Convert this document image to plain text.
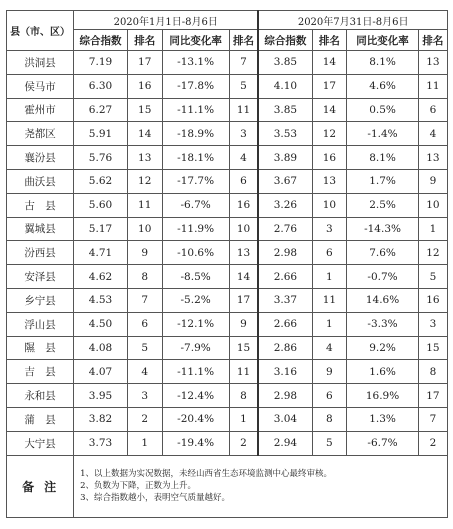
县（市、区）	2020年1月1日-8月6日				2020年7月31日-8月6日			
	综合指数	排名	同比变化率	排名	综合指数	排名	同比变化率	排名
洪洞县	7.19	17	-13.1%	7	3.85	14	8.1%	13
侯马市	6.30	16	-17.8%	5	4.10	17	4.6%	11
霍州市	6.27	15	-11.1%	11	3.85	14	0.5%	6
尧都区	5.91	14	-18.9%	3	3.53	12	-1.4%	4
襄汾县	5.76	13	-18.1%	4	3.89	16	8.1%	13
曲沃县	5.62	12	-17.7%	6	3.67	13	1.7%	9
古　县	5.60	11	-6.7%	16	3.26	10	2.5%	10
翼城县	5.17	10	-11.9%	10	2.76	3	-14.3%	1
汾西县	4.71	9	-10.6%	13	2.98	6	7.6%	12
安泽县	4.62	8	-8.5%	14	2.66	1	-0.7%	5
乡宁县	4.53	7	-5.2%	17	3.37	11	14.6%	16
浮山县	4.50	6	-12.1%	9	2.66	1	-3.3%	3
隰　县	4.08	5	-7.9%	15	2.86	4	9.2%	15
吉　县	4.07	4	-11.1%	11	3.16	9	1.6%	8
永和县	3.95	3	-12.4%	8	2.98	6	16.9%	17
蒲　县	3.82	2	-20.4%	1	3.04	8	1.3%	7
大宁县	3.73	1	-19.4%	2	2.94	5	-6.7%	2
备注	1、以上数据为实况数据，未经山西省生态环境监测中心最终审核。
2、负数为下降，正数为上升。
3、综合指数越小，表明空气质量越好。							
